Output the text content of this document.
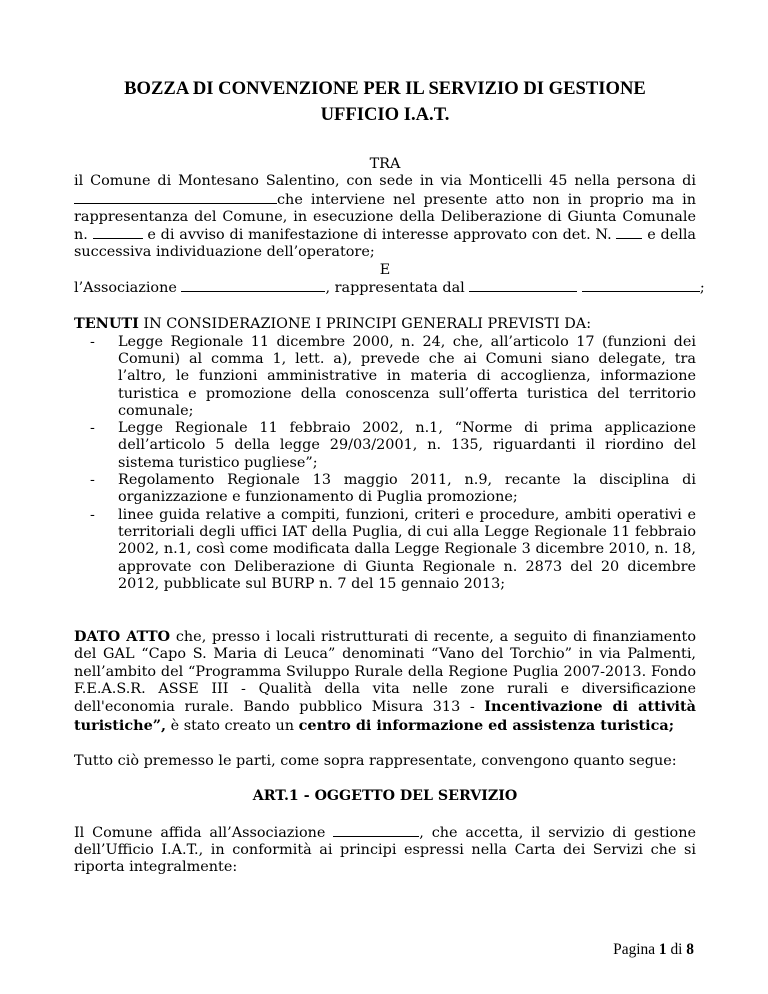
BOZZA DI CONVENZIONE PER IL SERVIZIO DI GESTIONE
UFFICIO I.A.T.

TRA

il Comune di Montesano Salentino, con sede in via Monticelli 45 nella persona di che interviene nel presente atto non in proprio ma in rappresentanza del Comune, in esecuzione della Deliberazione di Giunta Comunale n.	e di avviso di manifestazione di interesse approvato con det. N. e della successiva individuazione dell’operatore;

E

l’Associazione	, rappresentata dal	;

TENUTI IN CONSIDERAZIONE I PRINCIPI GENERALI PREVISTI DA:

- Legge Regionale 11 dicembre 2000, n. 24, che, all’articolo 17 (funzioni dei Comuni) al comma 1, lett. a), prevede che ai Comuni siano delegate, tra l’altro, le funzioni amministrative in materia di accoglienza, informazione turistica e promozione della conoscenza sull’offerta turistica del territorio comunale;
- Legge Regionale 11 febbraio 2002, n.1, “Norme di prima applicazione dell’articolo 5 della legge 29/03/2001, n. 135, riguardanti il riordino del sistema turistico pugliese”;
- Regolamento Regionale 13 maggio 2011, n.9, recante la disciplina di organizzazione e funzionamento di Puglia promozione;
- linee guida relative a compiti, funzioni, criteri e procedure, ambiti operativi e territoriali degli uffici IAT della Puglia, di cui alla Legge Regionale 11 febbraio 2002, n.1, così come modificata dalla Legge Regionale 3 dicembre 2010, n. 18, approvate con Deliberazione di Giunta Regionale n. 2873 del 20 dicembre 2012, pubblicate sul BURP n. 7 del 15 gennaio 2013;

DATO ATTO che, presso i locali ristrutturati di recente, a seguito di finanziamento del GAL “Capo S. Maria di Leuca” denominati “Vano del Torchio” in via Palmenti, nell’ambito del “Programma Sviluppo Rurale della Regione Puglia 2007-2013. Fondo F.E.A.S.R. ASSE III - Qualità della vita nelle zone rurali e diversificazione dell'economia rurale. Bando pubblico Misura 313 - Incentivazione di attività turistiche”, è stato creato un centro di informazione ed assistenza turistica;

Tutto ciò premesso le parti, come sopra rappresentate, convengono quanto segue:

ART.1 - OGGETTO DEL SERVIZIO

Il Comune affida all’Associazione	, che accetta, il servizio di gestione dell’Ufficio I.A.T., in conformità ai principi espressi nella Carta dei Servizi che si riporta integralmente:

Pagina 1 di 8
